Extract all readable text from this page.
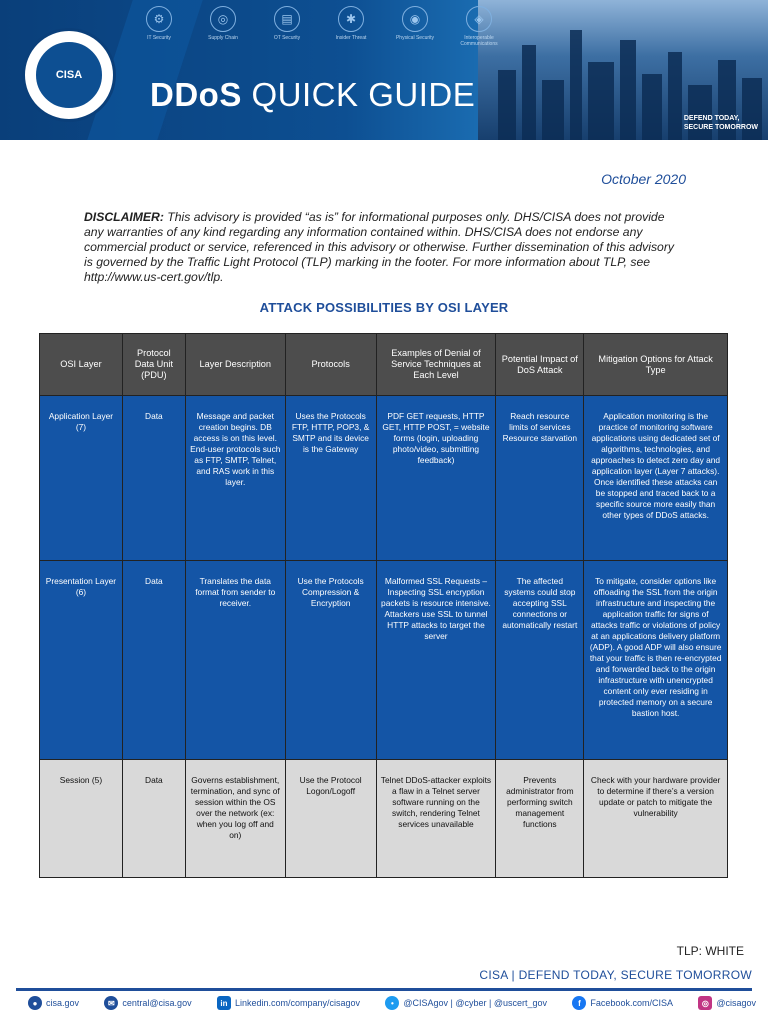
⚙
IT Security
◎
Supply Chain
▤
OT Security
✱
Insider Threat
◉
Physical Security
◈
Interoperable Communications
CISA
DDoS QUICK GUIDE
DEFEND TODAY,
SECURE TOMORROW
October 2020
DISCLAIMER: This advisory is provided “as is” for informational purposes only. DHS/CISA does not provide any warranties of any kind regarding any information contained within. DHS/CISA does not endorse any commercial product or service, referenced in this advisory or otherwise. Further dissemination of this advisory is governed by the Traffic Light Protocol (TLP) marking in the footer. For more information about TLP, see http://www.us-cert.gov/tlp.
ATTACK POSSIBILITIES BY OSI LAYER
OSI Layer	Protocol Data Unit (PDU)	Layer Description	Protocols	Examples of Denial of Service Techniques at Each Level	Potential Impact of DoS Attack	Mitigation Options for Attack Type
Application Layer (7)	Data	Message and packet creation begins. DB access is on this level. End-user protocols such as FTP, SMTP, Telnet, and RAS work in this layer.	Uses the Protocols FTP, HTTP, POP3, & SMTP and its device is the Gateway	PDF GET requests, HTTP GET, HTTP POST, = website forms (login, uploading photo/video, submitting feedback)	Reach resource limits of services Resource starvation	Application monitoring is the practice of monitoring software applications using dedicated set of algorithms, technologies, and approaches to detect zero day and application layer (Layer 7 attacks). Once identified these attacks can be stopped and traced back to a specific source more easily than other types of DDoS attacks.
Presentation Layer (6)	Data	Translates the data format from sender to receiver.	Use the Protocols Compression & Encryption	Malformed SSL Requests – Inspecting SSL encryption packets is resource intensive. Attackers use SSL to tunnel HTTP attacks to target the server	The affected systems could stop accepting SSL connections or automatically restart	To mitigate, consider options like offloading the SSL from the origin infrastructure and inspecting the application traffic for signs of attacks traffic or violations of policy at an applications delivery platform (ADP). A good ADP will also ensure that your traffic is then re-encrypted and forwarded back to the origin infrastructure with unencrypted content only ever residing in protected memory on a secure bastion host.
Session (5)	Data	Governs establishment, termination, and sync of session within the OS over the network (ex: when you log off and on)	Use the Protocol Logon/Logoff	Telnet DDoS-attacker exploits a flaw in a Telnet server software running on the switch, rendering Telnet services unavailable	Prevents administrator from performing switch management functions	Check with your hardware provider to determine if there’s a version update or patch to mitigate the vulnerability
TLP: WHITE
CISA | DEFEND TODAY, SECURE TOMORROW
● cisa.gov	✉ central@cisa.gov	in Linkedin.com/company/cisagov	•	@CISAgov | @cyber | @uscert_gov	f	Facebook.com/CISA	◎ @cisagov
